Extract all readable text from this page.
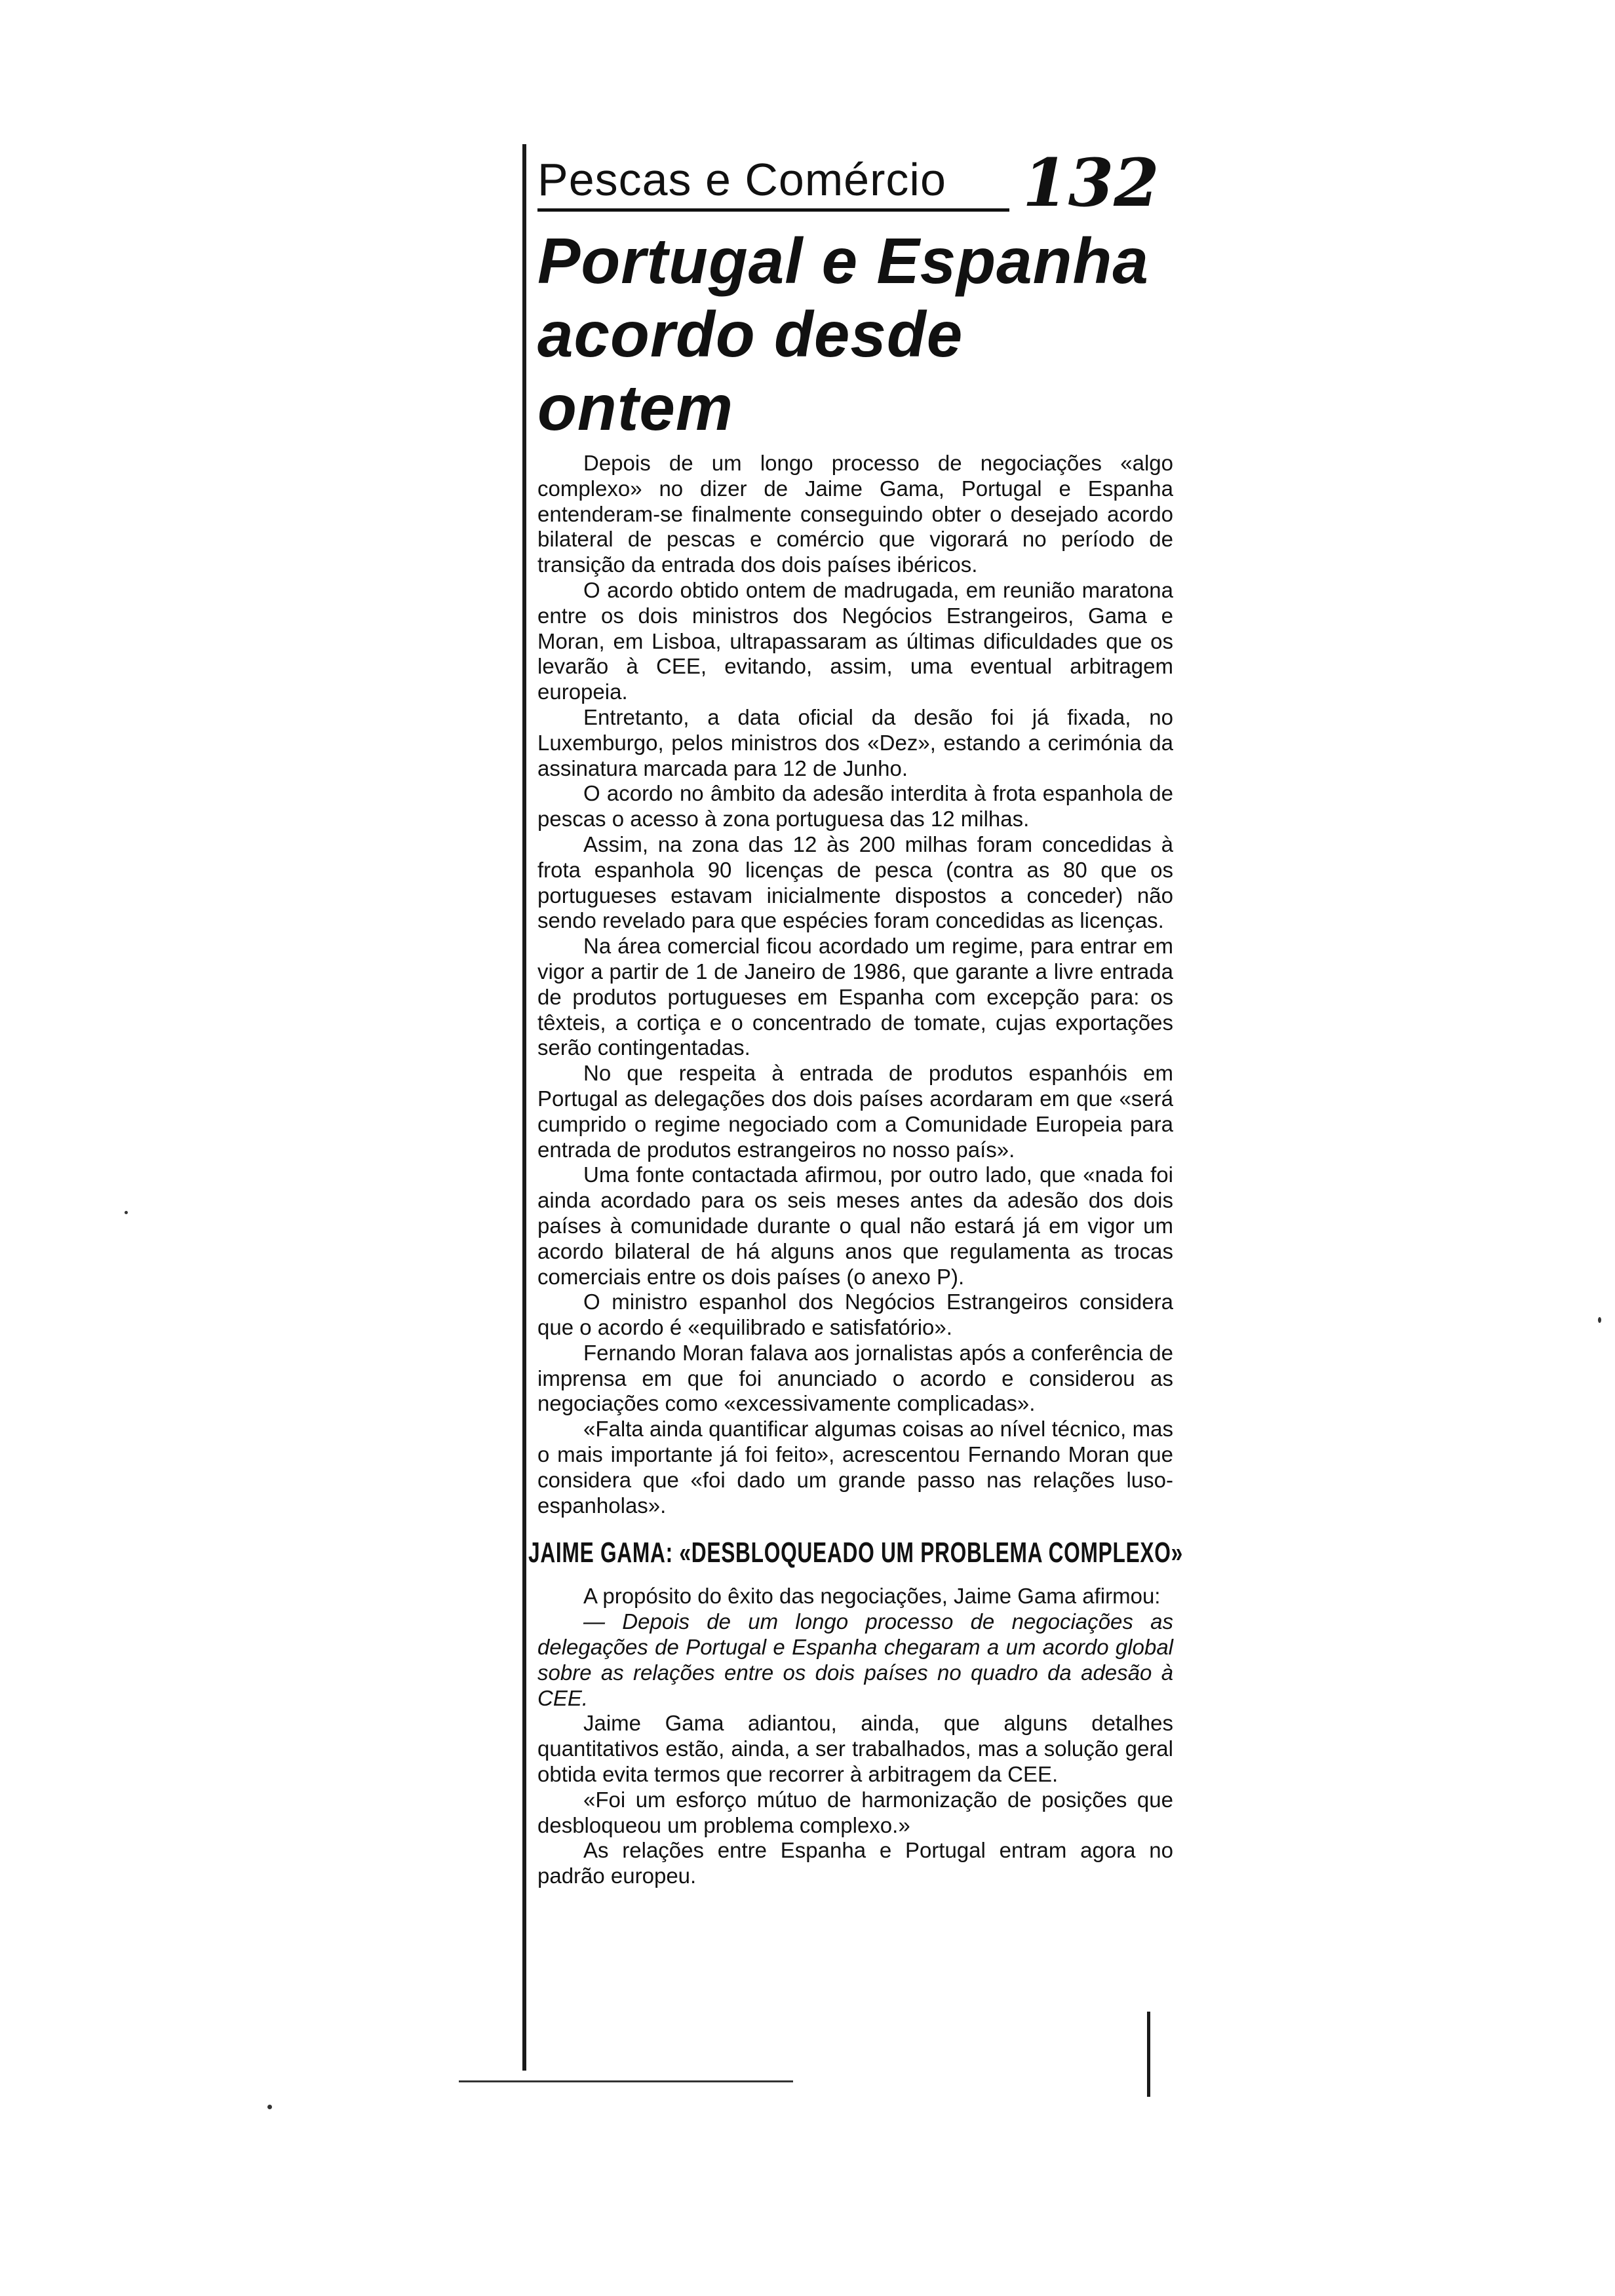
Pescas e Comércio 132
Portugal e Espanha
acordo desde ontem

Depois de um longo processo de negociações «algo complexo» no dizer de Jaime Gama, Portugal e Espanha entenderam-se finalmente conseguindo obter o desejado acordo bilateral de pescas e comércio que vigorará no período de transição da entrada dos dois países ibéricos.

O acordo obtido ontem de madrugada, em reunião maratona entre os dois ministros dos Negócios Estrangeiros, Gama e Moran, em Lisboa, ultrapassaram as últimas dificuldades que os levarão à CEE, evitando, assim, uma eventual arbitragem europeia.

Entretanto, a data oficial da desão foi já fixada, no Luxemburgo, pelos ministros dos «Dez», estando a cerimónia da assinatura marcada para 12 de Junho.

O acordo no âmbito da adesão interdita à frota espanhola de pescas o acesso à zona portuguesa das 12 milhas.

Assim, na zona das 12 às 200 milhas foram concedidas à frota espanhola 90 licenças de pesca (contra as 80 que os portugueses estavam inicialmente dispostos a conceder) não sendo revelado para que espécies foram concedidas as licenças.

Na área comercial ficou acordado um regime, para entrar em vigor a partir de 1 de Janeiro de 1986, que garante a livre entrada de produtos portugueses em Espanha com excepção para: os têxteis, a cortiça e o concentrado de tomate, cujas exportações serão contingentadas.

No que respeita à entrada de produtos espanhóis em Portugal as delegações dos dois países acordaram em que «será cumprido o regime negociado com a Comunidade Europeia para entrada de produtos estrangeiros no nosso país».

Uma fonte contactada afirmou, por outro lado, que «nada foi ainda acordado para os seis meses antes da adesão dos dois países à comunidade durante o qual não estará já em vigor um acordo bilateral de há alguns anos que regulamenta as trocas comerciais entre os dois países (o anexo P).

O ministro espanhol dos Negócios Estrangeiros considera que o acordo é «equilibrado e satisfatório».

Fernando Moran falava aos jornalistas após a conferência de imprensa em que foi anunciado o acordo e considerou as negociações como «excessivamente complicadas».

«Falta ainda quantificar algumas coisas ao nível técnico, mas o mais importante já foi feito», acrescentou Fernando Moran que considera que «foi dado um grande passo nas relações luso-espanholas».

JAIME GAMA: «DESBLOQUEADO UM PROBLEMA COMPLEXO»

A propósito do êxito das negociações, Jaime Gama afirmou:

— Depois de um longo processo de negociações as delegações de Portugal e Espanha chegaram a um acordo global sobre as relações entre os dois países no quadro da adesão à CEE.

Jaime Gama adiantou, ainda, que alguns detalhes quantitativos estão, ainda, a ser trabalhados, mas a solução geral obtida evita termos que recorrer à arbitragem da CEE.

«Foi um esforço mútuo de harmonização de posições que desbloqueou um problema complexo.»

As relações entre Espanha e Portugal entram agora no padrão europeu.
